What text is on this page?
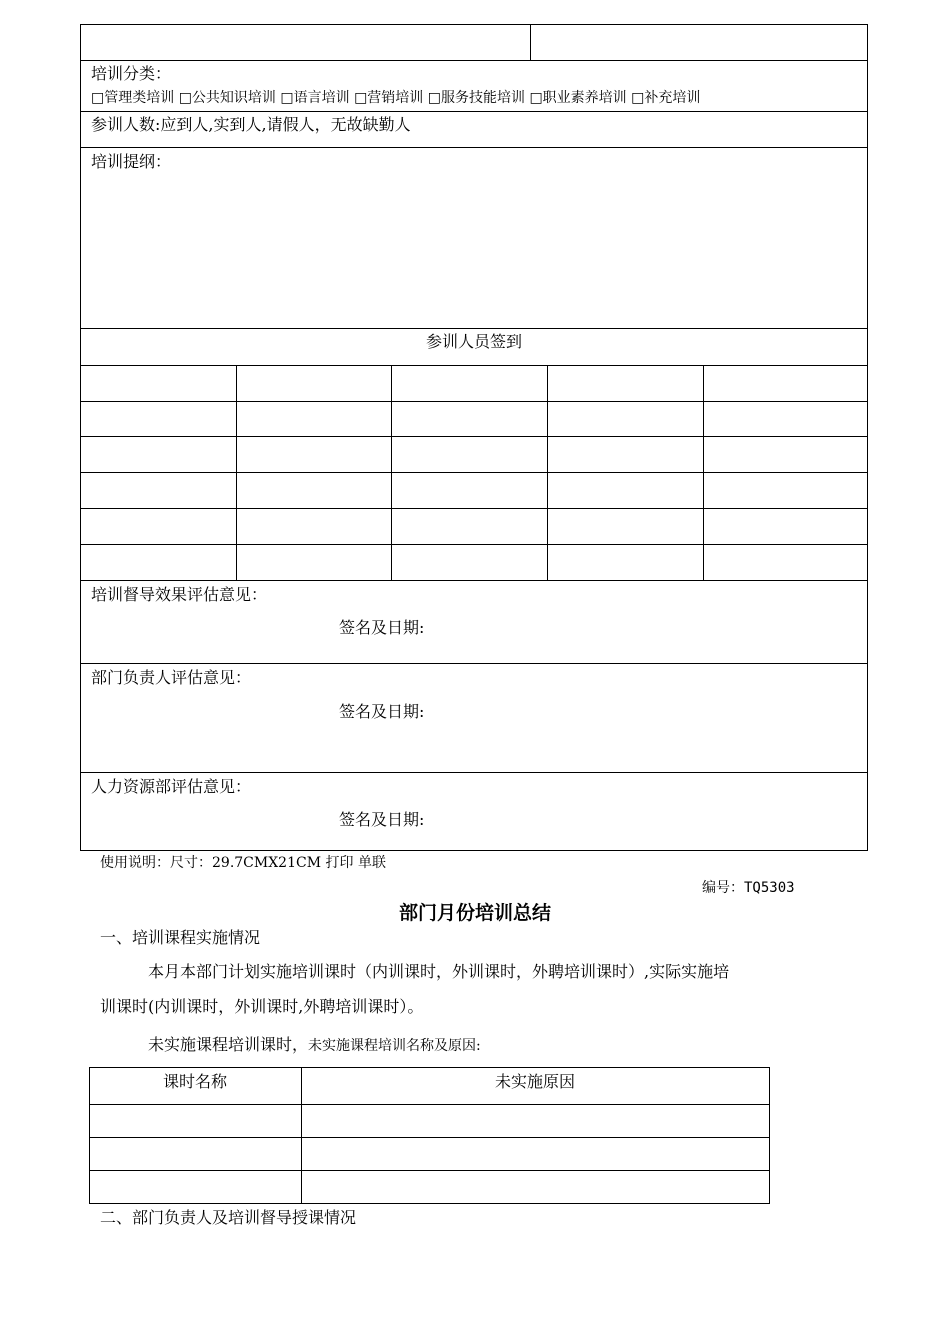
培训分类：
□管理类培训 □公共知识培训 □语言培训 □营销培训 □服务技能培训 □职业素养培训 □补充培训
参训人数:应到人,实到人,请假人，无故缺勤人
培训提纲：
参训人员签到
培训督导效果评估意见：
签名及日期:
部门负责人评估意见：
签名及日期:
人力资源部评估意见：
签名及日期:
使用说明：尺寸：29.7CMX21CM 打印 单联
编号：TQ5303
部门月份培训总结
一、培训课程实施情况
本月本部门计划实施培训课时（内训课时，外训课时，外聘培训课时）,实际实施培
训课时(内训课时，外训课时,外聘培训课时）。
未实施课程培训课时，未实施课程培训名称及原因:
课时名称	未实施原因
二、部门负责人及培训督导授课情况
